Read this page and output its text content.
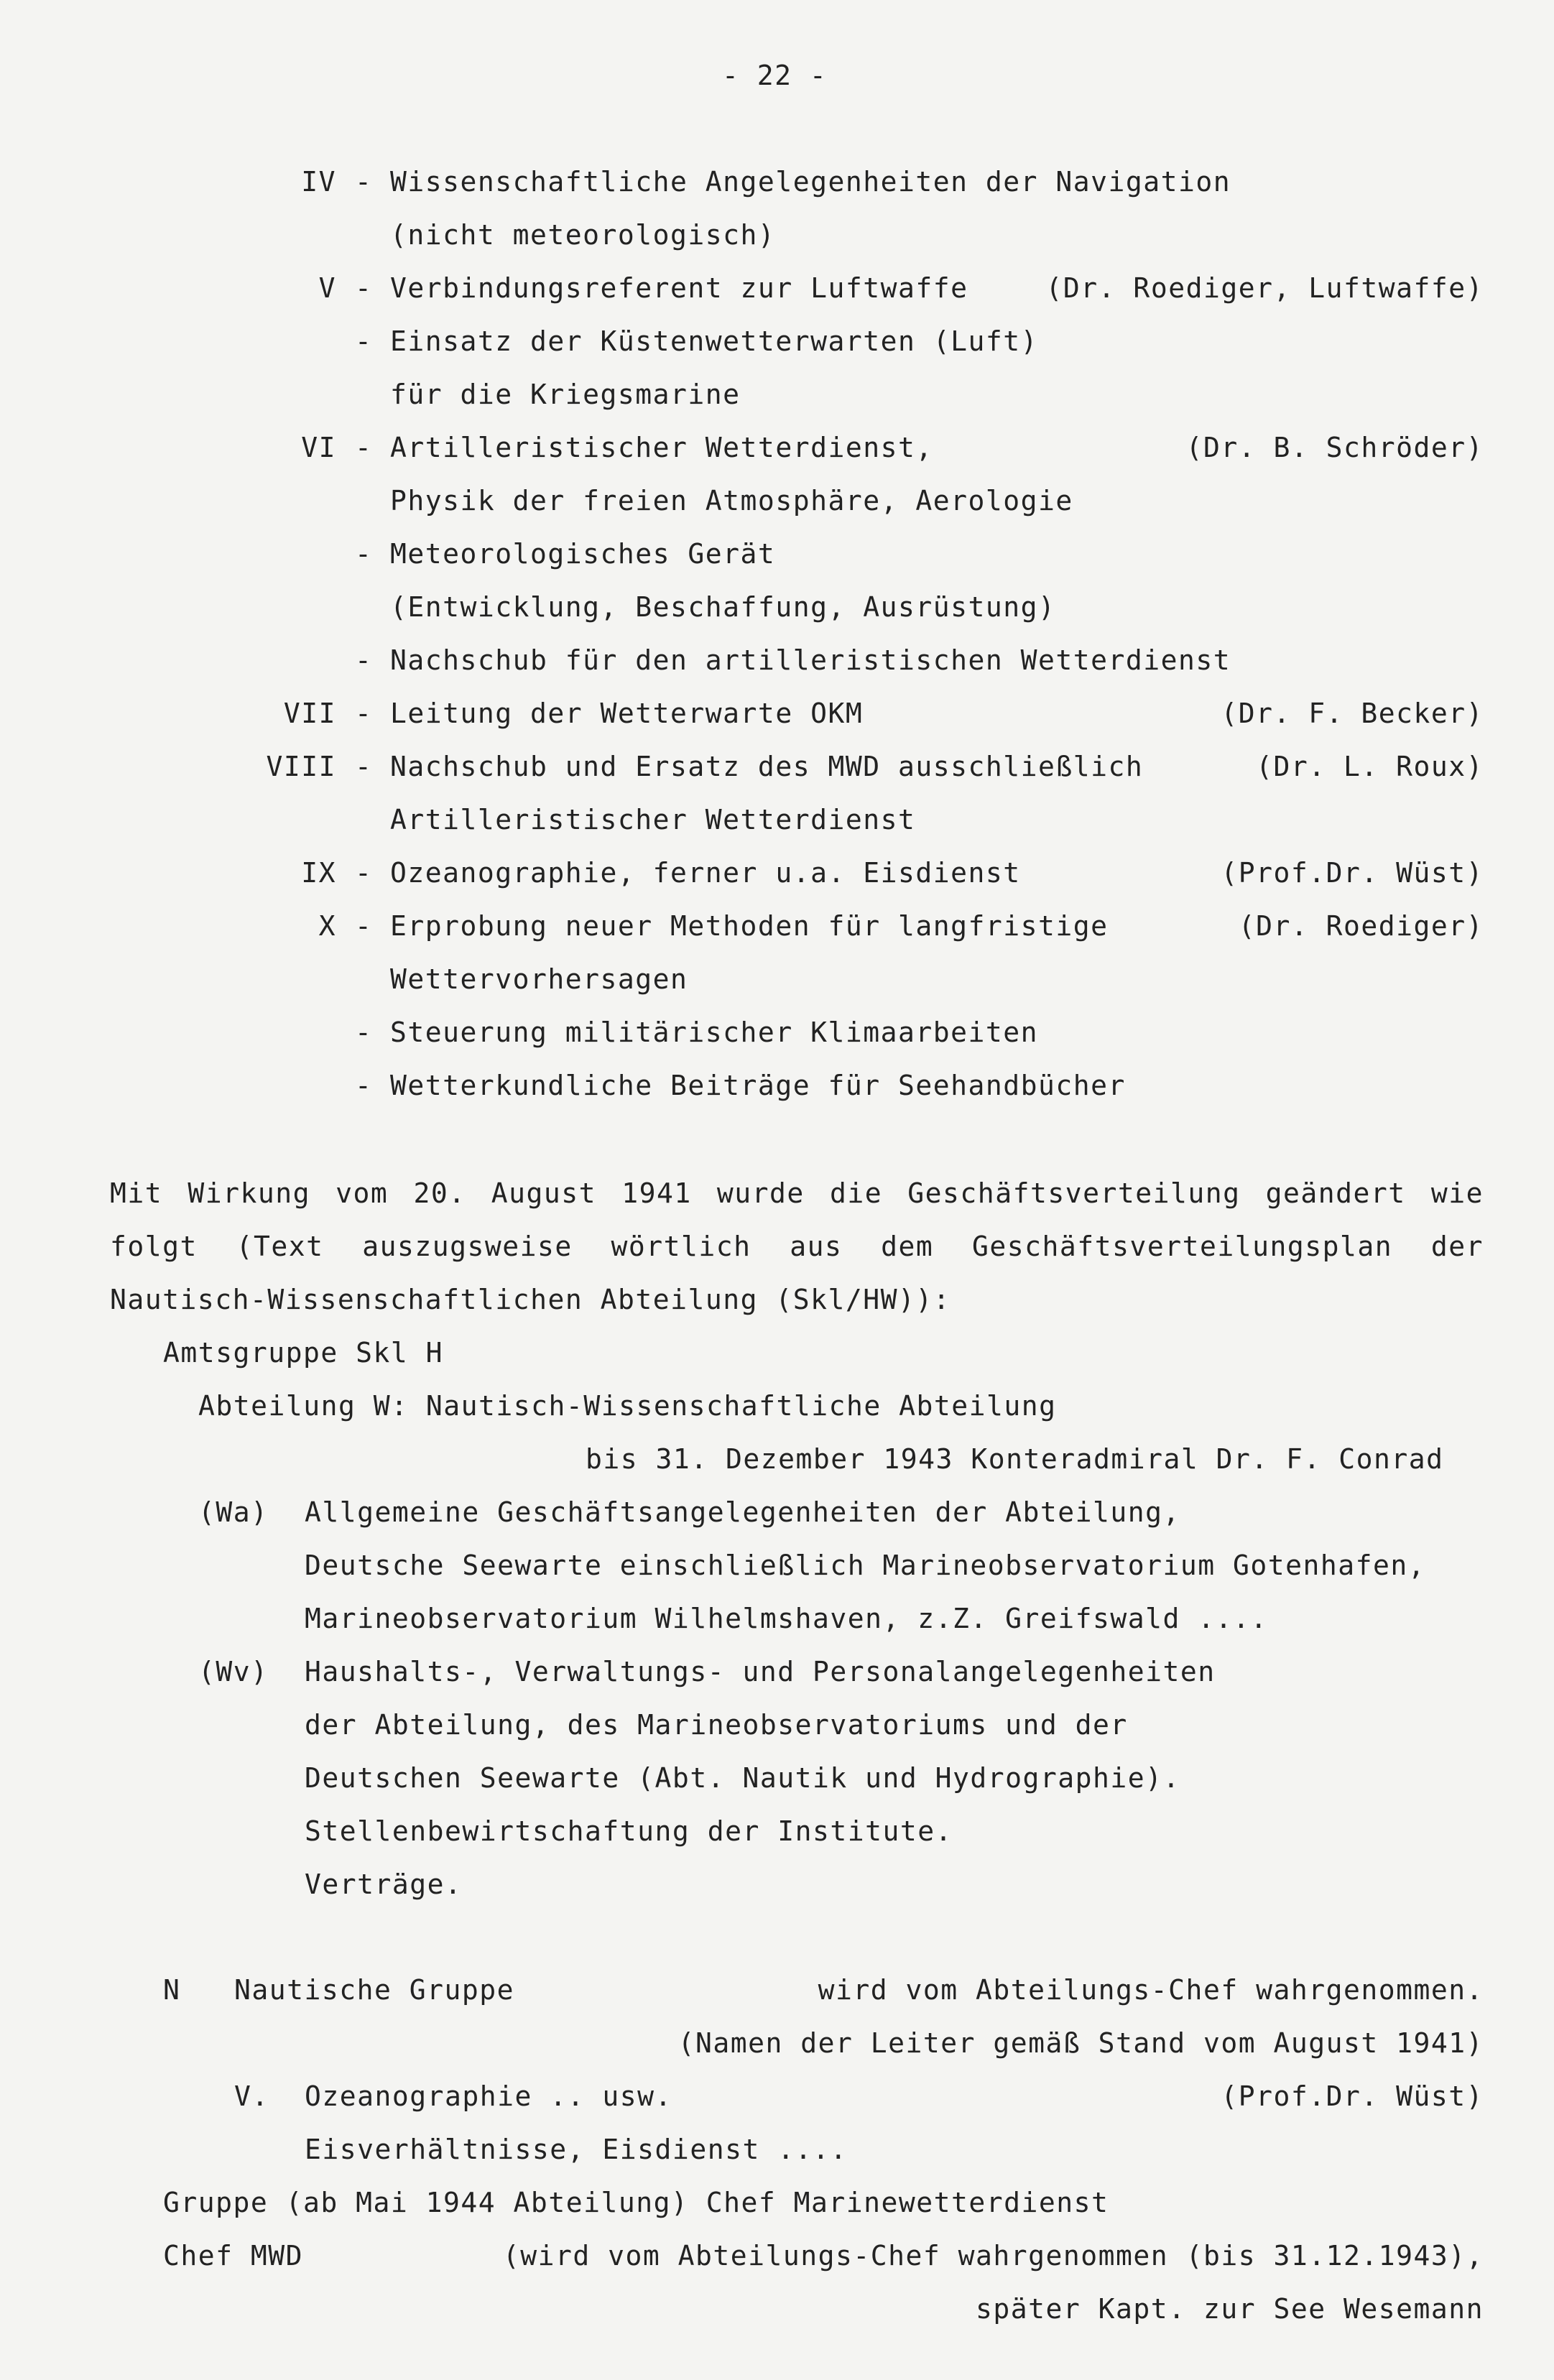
- 22 -
IV - Wissenschaftliche Angelegenheiten der Navigation
(nicht meteorologisch)
V - Verbindungsreferent zur Luftwaffe	(Dr. Roediger, Luftwaffe)
- Einsatz der Küstenwetterwarten (Luft)
für die Kriegsmarine
VI - Artilleristischer Wetterdienst,	(Dr. B. Schröder)
Physik der freien Atmosphäre, Aerologie
- Meteorologisches Gerät
(Entwicklung, Beschaffung, Ausrüstung)
- Nachschub für den artilleristischen Wetterdienst
VII - Leitung der Wetterwarte OKM	(Dr. F. Becker)
VIII - Nachschub und Ersatz des MWD ausschließlich	(Dr. L. Roux)
Artilleristischer Wetterdienst
IX - Ozeanographie, ferner u.a. Eisdienst	(Prof.Dr. Wüst)
X - Erprobung neuer Methoden für langfristige	(Dr. Roediger)
Wettervorhersagen
- Steuerung militärischer Klimaarbeiten
- Wetterkundliche Beiträge für Seehandbücher
Mit Wirkung vom 20. August 1941 wurde die Geschäftsverteilung geändert wie
folgt (Text auszugsweise wörtlich aus dem Geschäftsverteilungsplan der
Nautisch-Wissenschaftlichen Abteilung (Skl/HW)):
Amtsgruppe Skl H
Abteilung W: Nautisch-Wissenschaftliche Abteilung
bis 31. Dezember 1943 Konteradmiral Dr. F. Conrad
(Wa) Allgemeine Geschäftsangelegenheiten der Abteilung,
Deutsche Seewarte einschließlich Marineobservatorium Gotenhafen,
Marineobservatorium Wilhelmshaven, z.Z. Greifswald ....
(Wv) Haushalts-, Verwaltungs- und Personalangelegenheiten
der Abteilung, des Marineobservatoriums und der
Deutschen Seewarte (Abt. Nautik und Hydrographie).
Stellenbewirtschaftung der Institute.
Verträge.
N Nautische Gruppe	wird vom Abteilungs-Chef wahrgenommen.
(Namen der Leiter gemäß Stand vom August 1941)
V. Ozeanographie .. usw.	(Prof.Dr. Wüst)
Eisverhältnisse, Eisdienst ....
Gruppe (ab Mai 1944 Abteilung) Chef Marinewetterdienst
Chef MWD	(wird vom Abteilungs-Chef wahrgenommen (bis 31.12.1943),
später Kapt. zur See Wesemann
